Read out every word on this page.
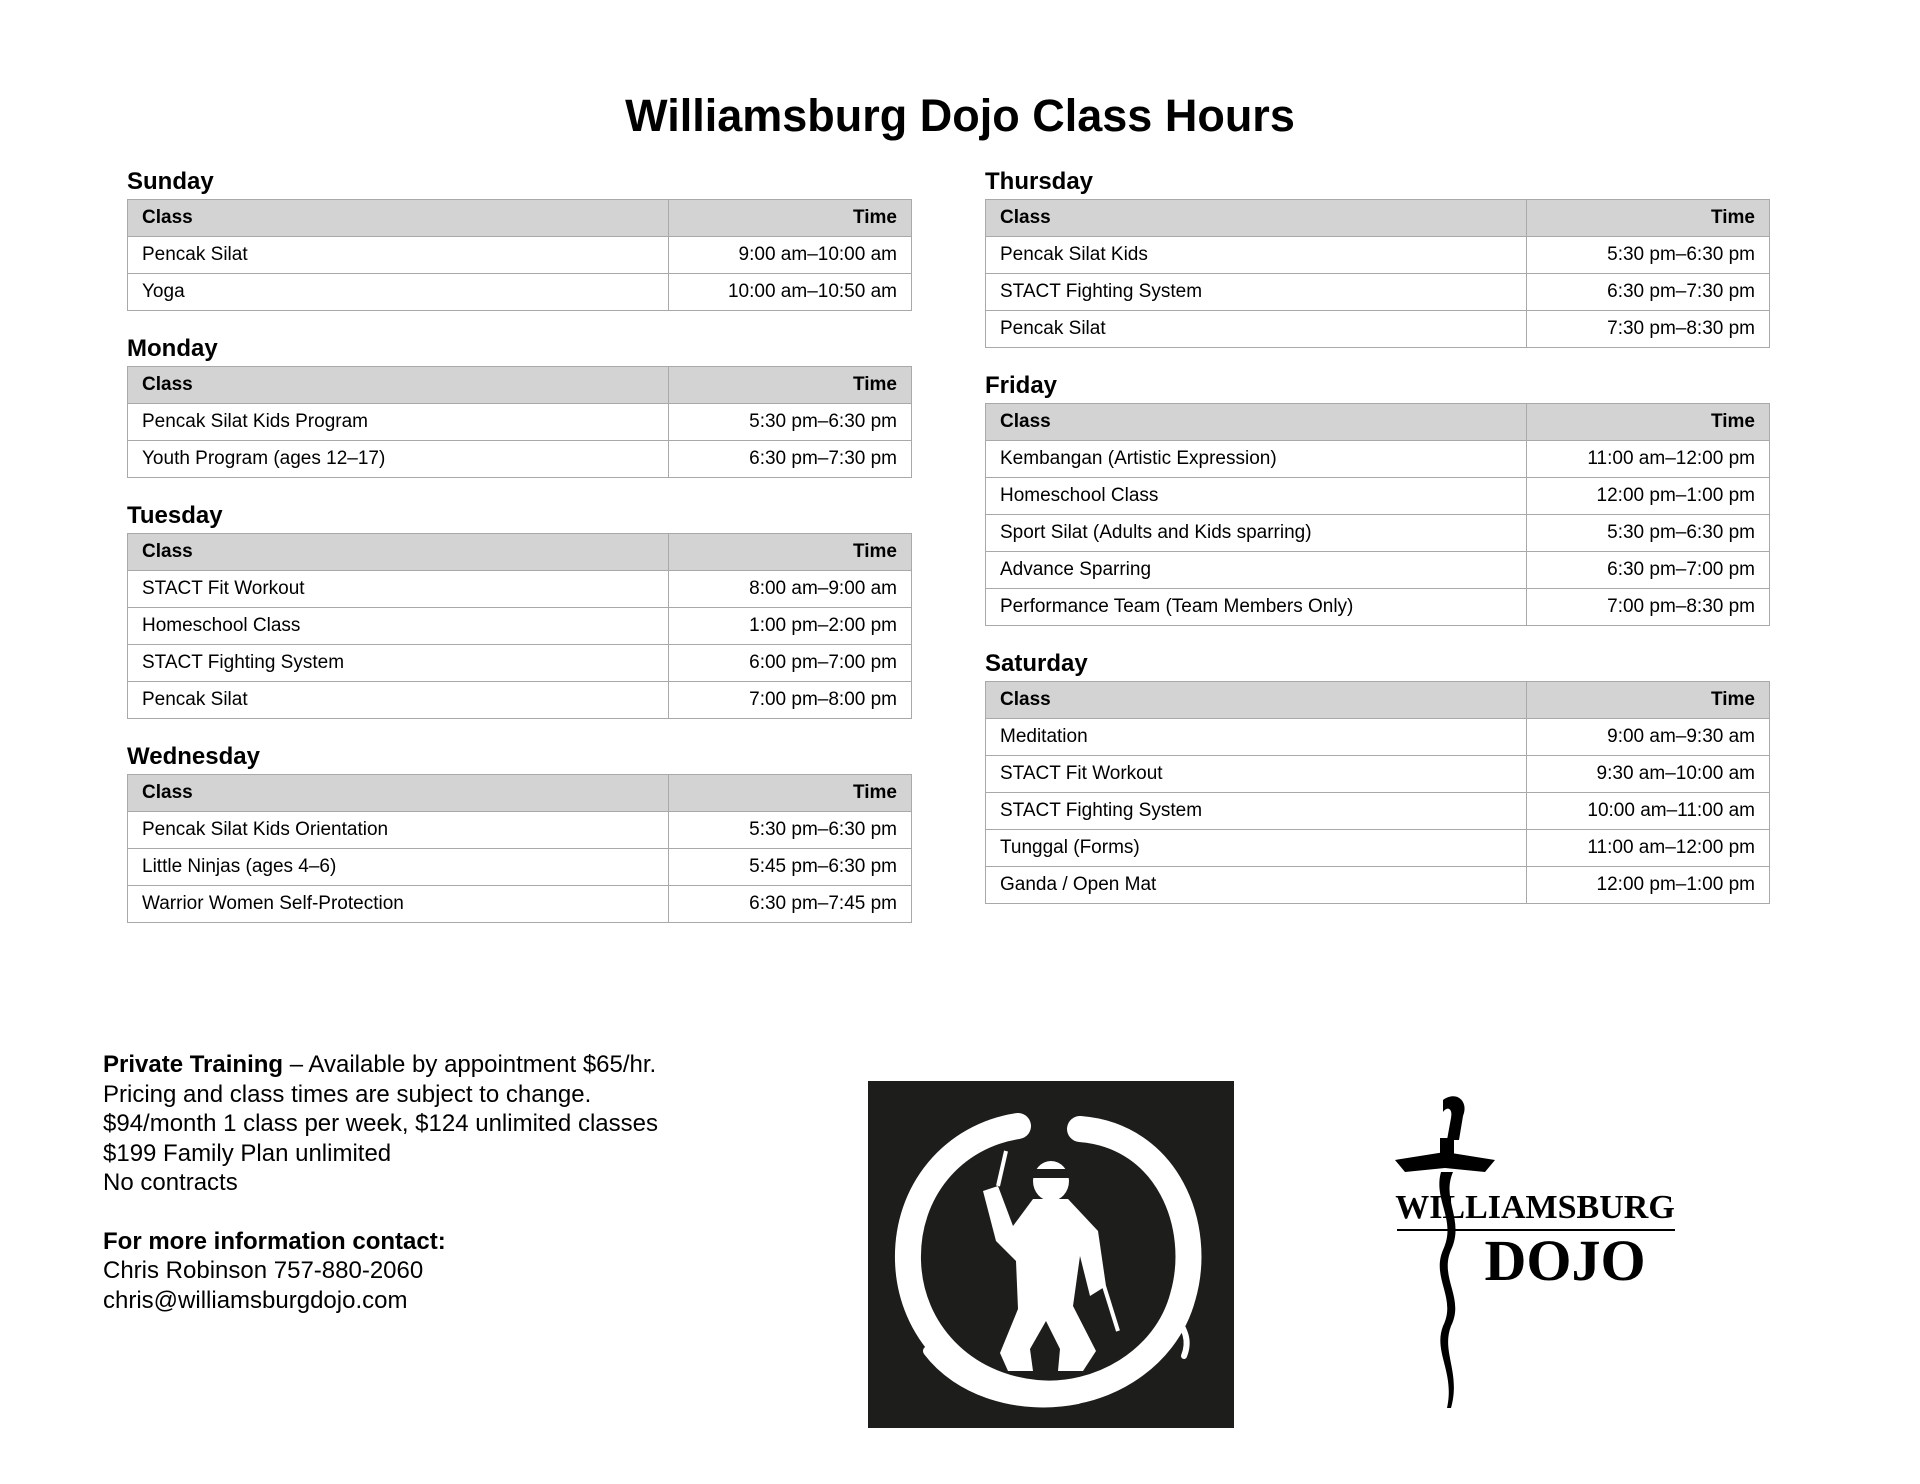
Williamsburg Dojo Class Hours
Sunday
Class	Time
Pencak Silat	9:00 am–10:00 am
Yoga	10:00 am–10:50 am
Monday
Class	Time
Pencak Silat Kids Program	5:30 pm–6:30 pm
Youth Program (ages 12–17)	6:30 pm–7:30 pm
Tuesday
Class	Time
STACT Fit Workout	8:00 am–9:00 am
Homeschool Class	1:00 pm–2:00 pm
STACT Fighting System	6:00 pm–7:00 pm
Pencak Silat	7:00 pm–8:00 pm
Wednesday
Class	Time
Pencak Silat Kids Orientation	5:30 pm–6:30 pm
Little Ninjas (ages 4–6)	5:45 pm–6:30 pm
Warrior Women Self-Protection	6:30 pm–7:45 pm
Thursday
Class	Time
Pencak Silat Kids	5:30 pm–6:30 pm
STACT Fighting System	6:30 pm–7:30 pm
Pencak Silat	7:30 pm–8:30 pm
Friday
Class	Time
Kembangan (Artistic Expression)	11:00 am–12:00 pm
Homeschool Class	12:00 pm–1:00 pm
Sport Silat (Adults and Kids sparring)	5:30 pm–6:30 pm
Advance Sparring	6:30 pm–7:00 pm
Performance Team (Team Members Only)	7:00 pm–8:30 pm
Saturday
Class	Time
Meditation	9:00 am–9:30 am
STACT Fit Workout	9:30 am–10:00 am
STACT Fighting System	10:00 am–11:00 am
Tunggal (Forms)	11:00 am–12:00 pm
Ganda / Open Mat	12:00 pm–1:00 pm
Private Training – Available by appointment $65/hr.
Pricing and class times are subject to change.
$94/month 1 class per week, $124 unlimited classes
$199 Family Plan unlimited
No contracts
For more information contact:
Chris Robinson 757-880-2060
chris@williamsburgdojo.com
WILLIAMSBURG
DOJO
